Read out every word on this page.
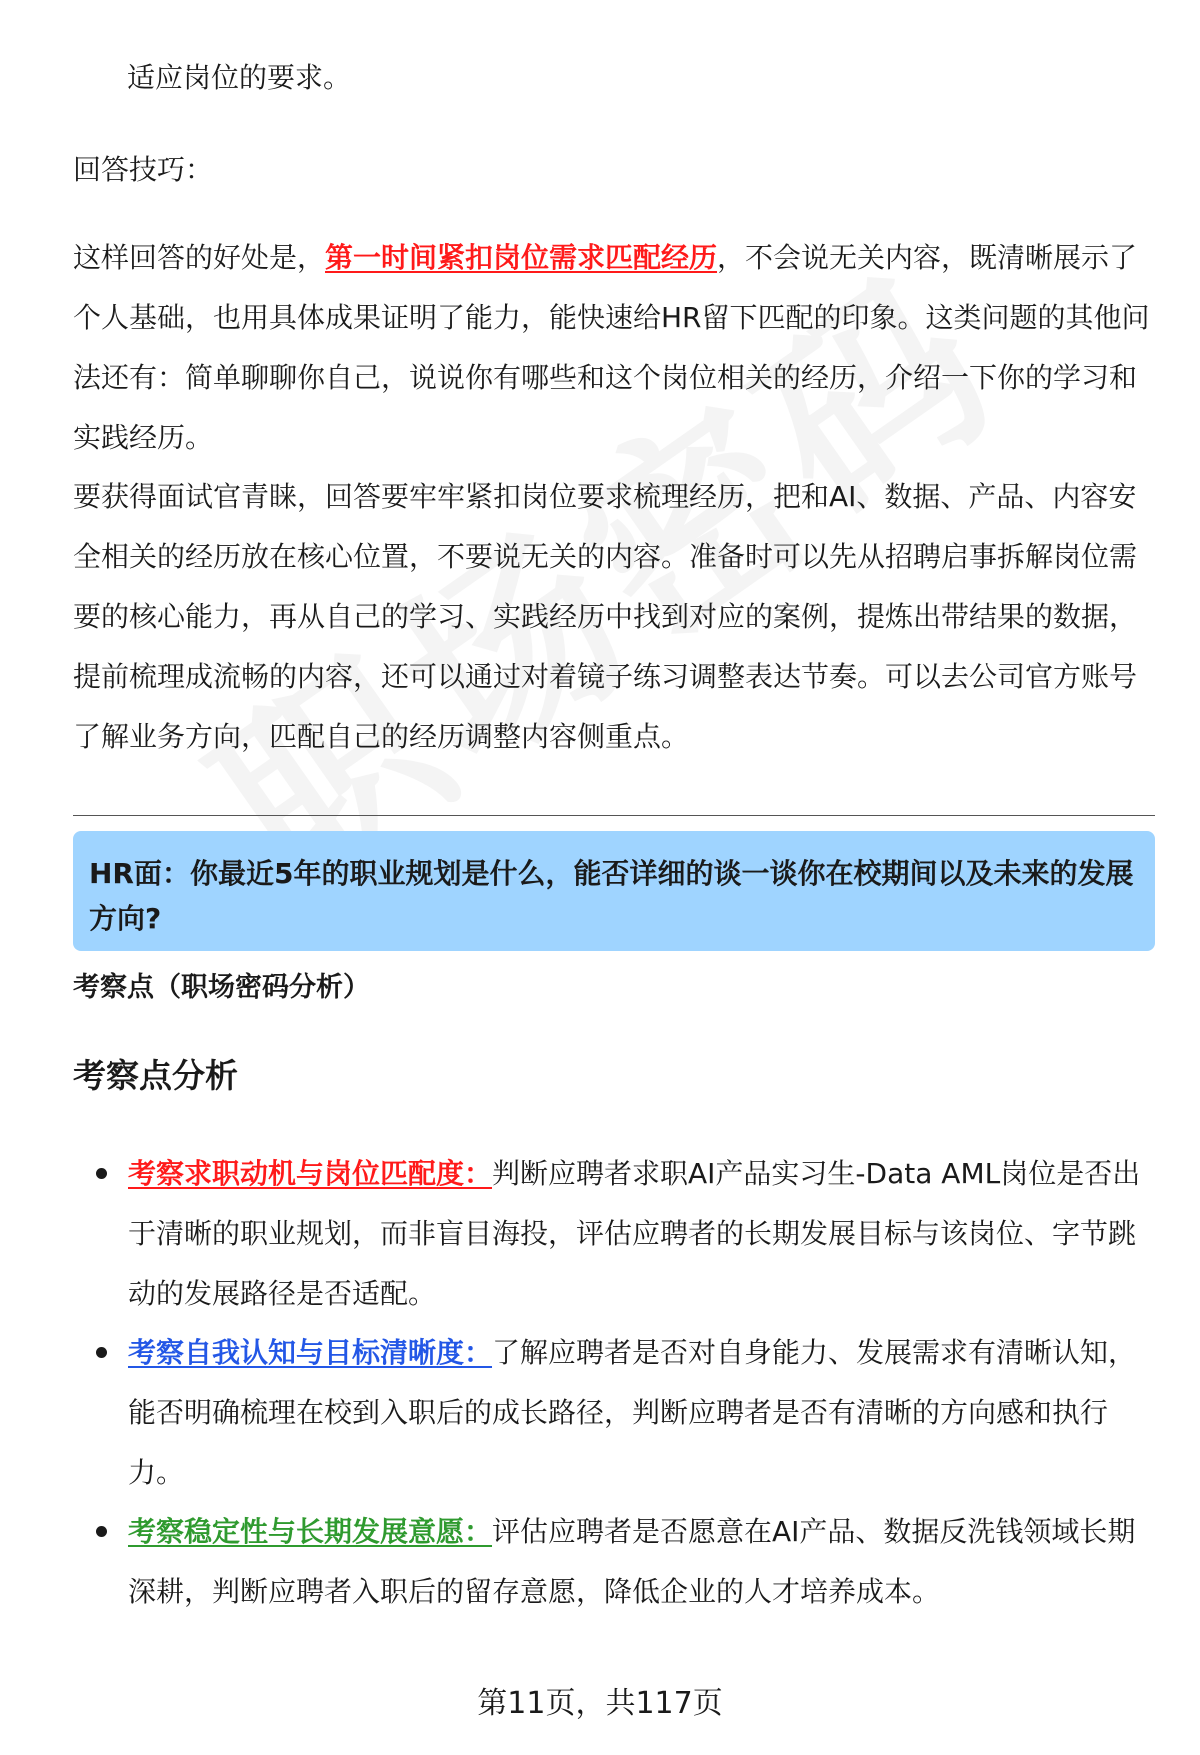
适应岗位的要求。
回答技巧：
这样回答的好处是，第一时间紧扣岗位需求匹配经历，不会说无关内容，既清晰展示了个人基础，也用具体成果证明了能力，能快速给HR留下匹配的印象。这类问题的其他问法还有：简单聊聊你自己，说说你有哪些和这个岗位相关的经历，介绍一下你的学习和实践经历。
要获得面试官青睐，回答要牢牢紧扣岗位要求梳理经历，把和AI、数据、产品、内容安全相关的经历放在核心位置，不要说无关的内容。准备时可以先从招聘启事拆解岗位需要的核心能力，再从自己的学习、实践经历中找到对应的案例，提炼出带结果的数据，提前梳理成流畅的内容，还可以通过对着镜子练习调整表达节奏。可以去公司官方账号了解业务方向，匹配自己的经历调整内容侧重点。
HR面：你最近5年的职业规划是什么，能否详细的谈一谈你在校期间以及未来的发展方向?
考察点（职场密码分析）
考察点分析
考察求职动机与岗位匹配度：判断应聘者求职AI产品实习生-Data AML岗位是否出于清晰的职业规划，而非盲目海投，评估应聘者的长期发展目标与该岗位、字节跳动的发展路径是否适配。
考察自我认知与目标清晰度：了解应聘者是否对自身能力、发展需求有清晰认知，能否明确梳理在校到入职后的成长路径，判断应聘者是否有清晰的方向感和执行力。
考察稳定性与长期发展意愿：评估应聘者是否愿意在AI产品、数据反洗钱领域长期深耕，判断应聘者入职后的留存意愿，降低企业的人才培养成本。
第11页，共117页
